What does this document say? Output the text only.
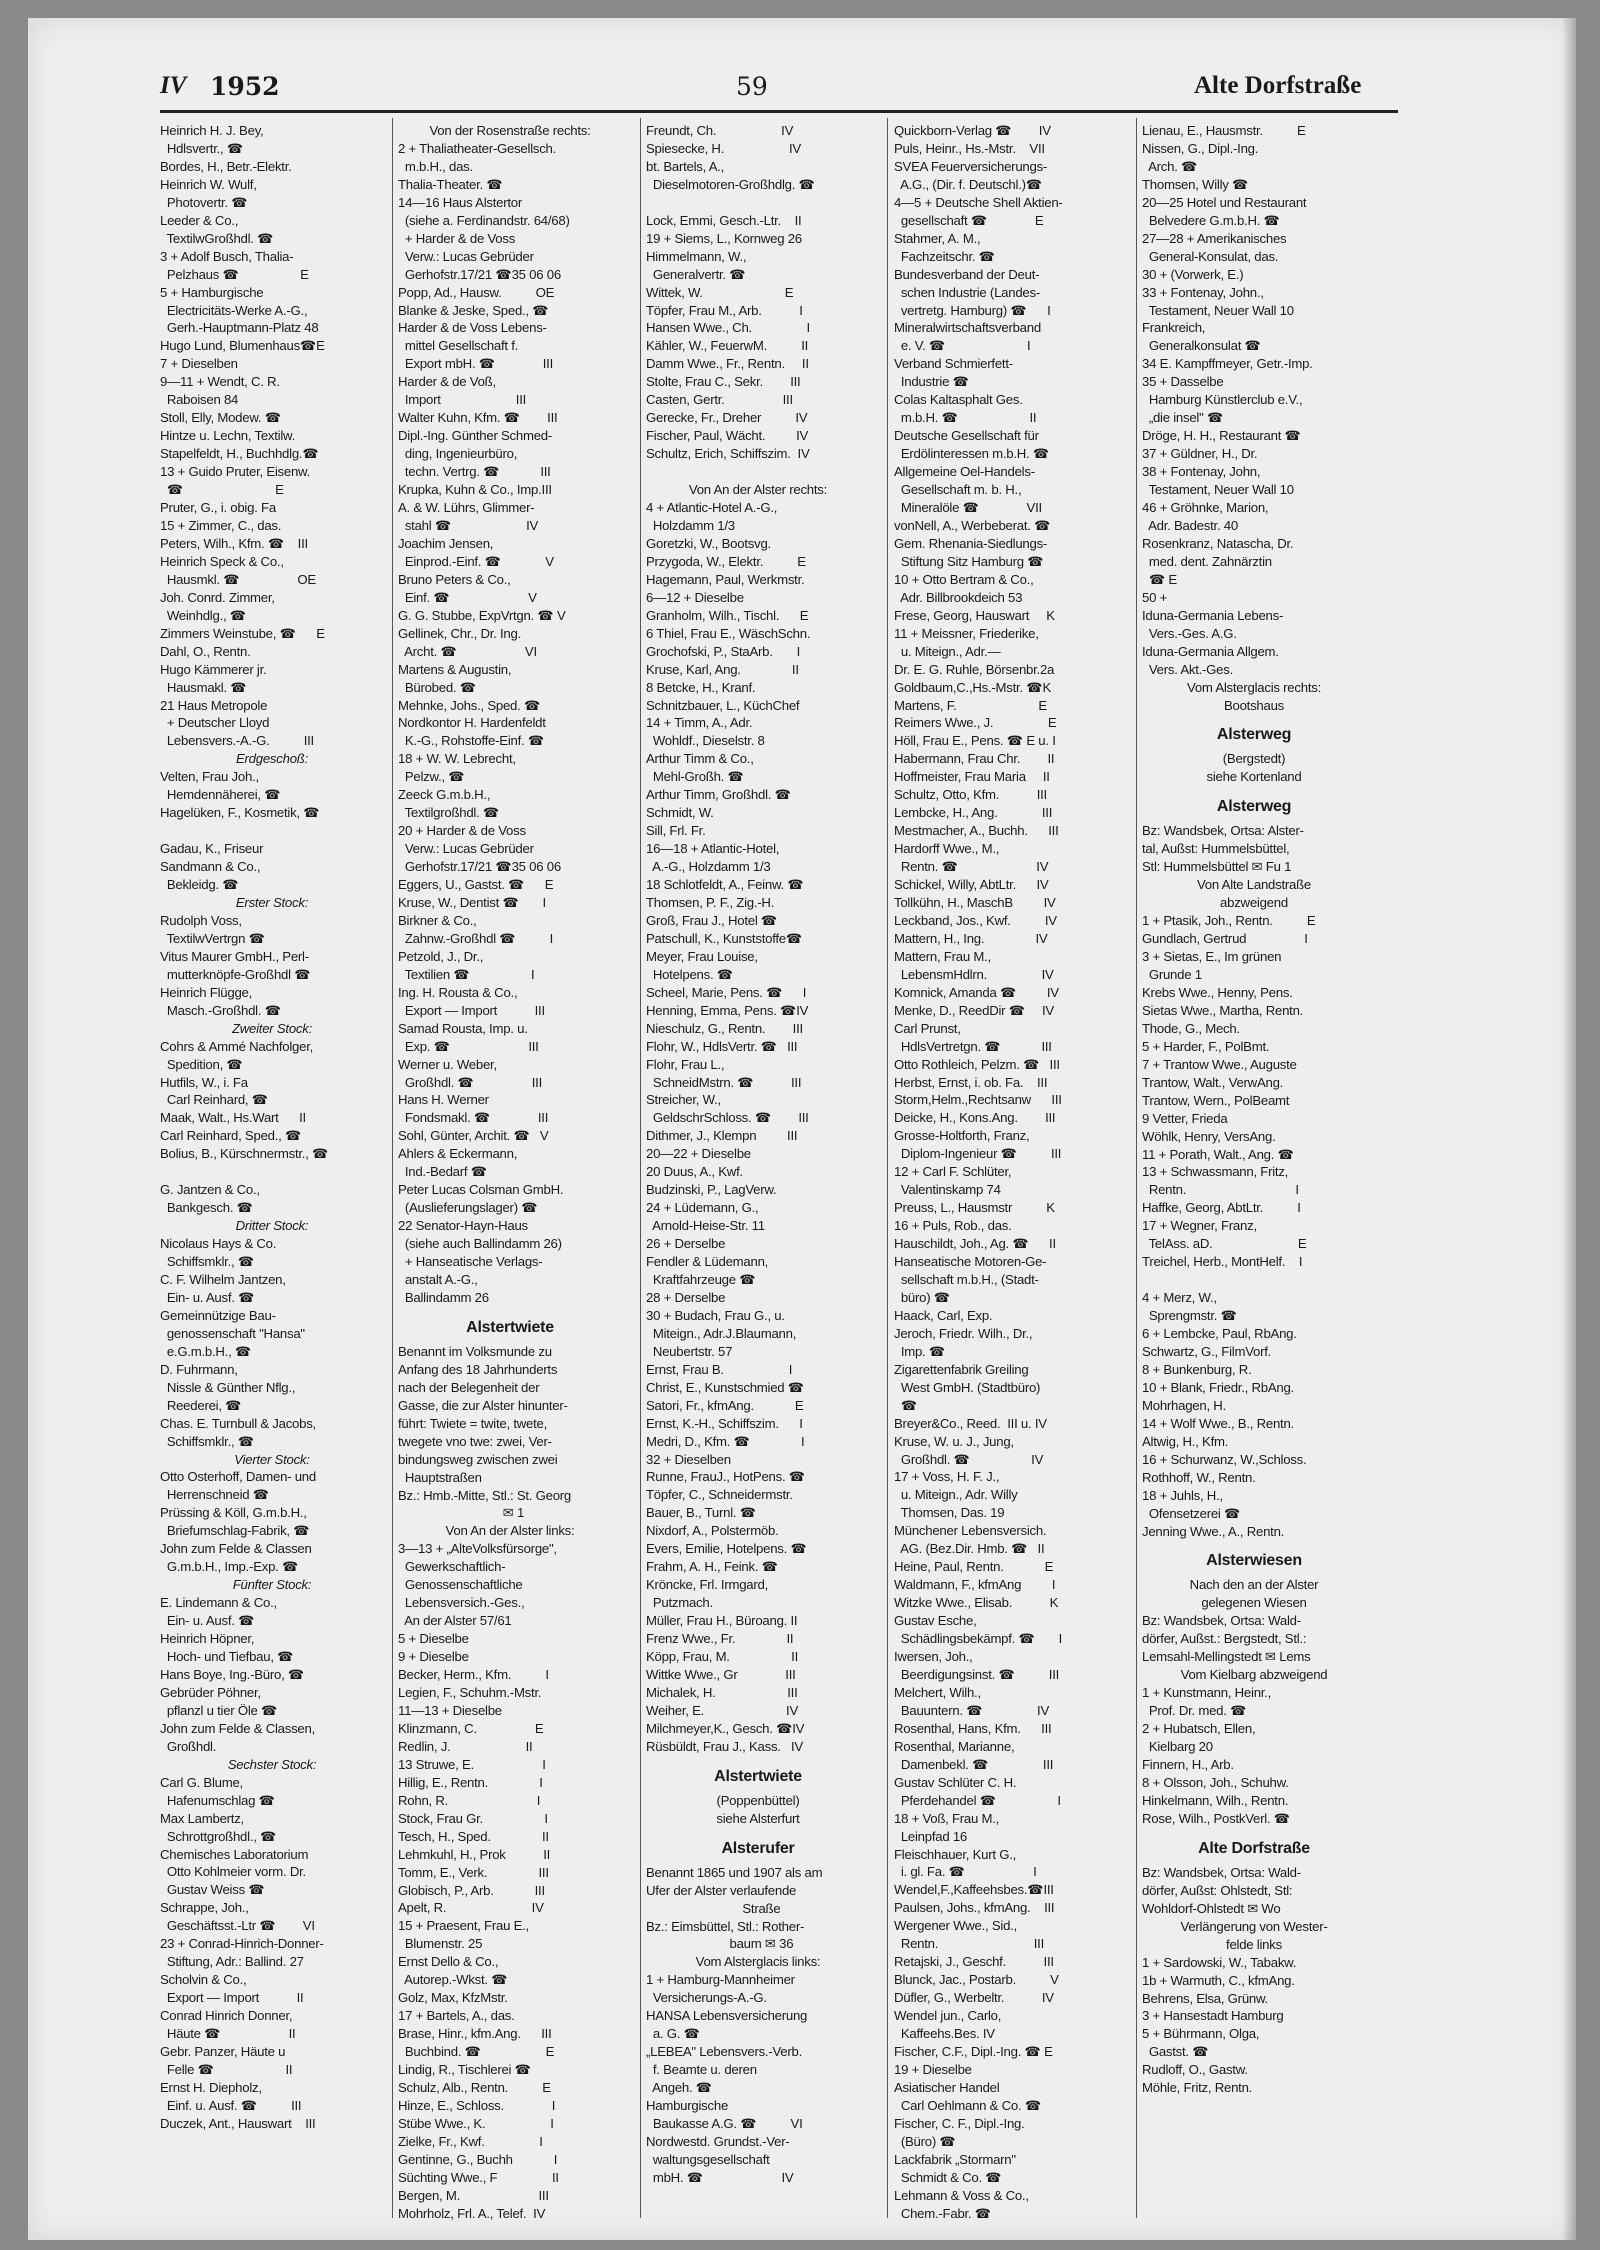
IV 1952	59	Alte Dorfstraße
Heinrich H. J. Bey,
Hdlsvertr., ☎
Bordes, H., Betr.-Elektr.
Heinrich W. Wulf,
Photovertr. ☎
Leeder & Co.,
TextilwGroßhdl. ☎
3 + Adolf Busch, Thalia-
Pelzhaus ☎                  E
5 + Hamburgische
Electricitäts-Werke A.-G.,
Gerh.-Hauptmann-Platz 48
Hugo Lund, Blumenhaus☎E
7 + Dieselben
9—11 + Wendt, C. R.
Raboisen 84
Stoll, Elly, Modew. ☎
Hintze u. Lechn, Textilw.
Stapelfeldt, H., Buchhdlg.☎
13 + Guido Pruter, Eisenw.
☎                           E
Pruter, G., i. obig. Fa
15 + Zimmer, C., das.
Peters, Wilh., Kfm. ☎    III
Heinrich Speck & Co.,
Hausmkl. ☎                 OE
Joh. Conrd. Zimmer,
Weinhdlg., ☎
Zimmers Weinstube, ☎      E
Dahl, O., Rentn.
Hugo Kämmerer jr.
Hausmakl. ☎
21 Haus Metropole
+ Deutscher Lloyd
Lebensvers.-A.-G.          III
Erdgeschoß:
Velten, Frau Joh.,
Hemdennäherei, ☎
Hagelüken, F., Kosmetik, ☎

Gadau, K., Friseur
Sandmann & Co.,
Bekleidg. ☎
Erster Stock:
Rudolph Voss,
TextilwVertrgn ☎
Vitus Maurer GmbH., Perl-
mutterknöpfe-Großhdl ☎
Heinrich Flügge,
Masch.-Großhdl. ☎
Zweiter Stock:
Cohrs & Ammé Nachfolger,
Spedition, ☎
Hutfils, W., i. Fa
Carl Reinhard, ☎
Maak, Walt., Hs.Wart      II
Carl Reinhard, Sped., ☎
Bolius, B., Kürschnermstr., ☎

G. Jantzen & Co.,
Bankgesch. ☎
Dritter Stock:
Nicolaus Hays & Co.
Schiffsmklr., ☎
C. F. Wilhelm Jantzen,
Ein- u. Ausf. ☎
Gemeinnützige Bau-
genossenschaft "Hansa"
e.G.m.b.H., ☎
D. Fuhrmann,
Nissle & Günther Nflg.,
Reederei, ☎
Chas. E. Turnbull & Jacobs,
Schiffsmklr., ☎
Vierter Stock:
Otto Osterhoff, Damen- und
Herrenschneid ☎
Prüssing & Köll, G.m.b.H.,
Briefumschlag-Fabrik, ☎
John zum Felde & Classen
G.m.b.H., Imp.-Exp. ☎
Fünfter Stock:
E. Lindemann & Co.,
Ein- u. Ausf. ☎
Heinrich Höpner,
Hoch- und Tiefbau, ☎
Hans Boye, Ing.-Büro, ☎
Gebrüder Pöhner,
pflanzl u tier Öle ☎
John zum Felde & Classen,
Großhdl.
Sechster Stock:
Carl G. Blume,
Hafenumschlag ☎
Max Lambertz,
Schrottgroßhdl., ☎
Chemisches Laboratorium
Otto Kohlmeier vorm. Dr.
Gustav Weiss ☎
Schrappe, Joh.,
Geschäftsst.-Ltr ☎        VI
23 + Conrad-Hinrich-Donner-
Stiftung, Adr.: Ballind. 27
Scholvin & Co.,
Export — Import           II
Conrad Hinrich Donner,
Häute ☎                    II
Gebr. Panzer, Häute u
Felle ☎                     II
Ernst H. Diepholz,
Einf. u. Ausf. ☎          III
Duczek, Ant., Hauswart    III
Von der Rosenstraße rechts:
2 + Thaliatheater-Gesellsch.
m.b.H., das.
Thalia-Theater. ☎
14—16 Haus Alstertor
(siehe a. Ferdinandstr. 64/68)
+ Harder & de Voss
Verw.: Lucas Gebrüder
Gerhofstr.17/21 ☎35 06 06
Popp, Ad., Hausw.          OE
Blanke & Jeske, Sped., ☎
Harder & de Voss Lebens-
mittel Gesellschaft f.
Export mbH. ☎              III
Harder & de Voß,
Import                      III
Walter Kuhn, Kfm. ☎        III
Dipl.-Ing. Günther Schmed-
ding, Ingenieurbüro,
techn. Vertrg. ☎            III
Krupka, Kuhn & Co., Imp.III
A. & W. Lührs, Glimmer-
stahl ☎                      IV
Joachim Jensen,
Einprod.-Einf. ☎             V
Bruno Peters & Co.,
Einf. ☎                       V
G. G. Stubbe, ExpVrtgn. ☎ V
Gellinek, Chr., Dr. Ing.
Archt. ☎                    VI
Martens & Augustin,
Bürobed. ☎
Mehnke, Johs., Sped. ☎
Nordkontor H. Hardenfeldt
K.-G., Rohstoffe-Einf. ☎
18 + W. W. Lebrecht,
Pelzw., ☎
Zeeck G.m.b.H.,
Textilgroßhdl. ☎
20 + Harder & de Voss
Verw.: Lucas Gebrüder
Gerhofstr.17/21 ☎35 06 06
Eggers, U., Gastst. ☎      E
Kruse, W., Dentist ☎       I
Birkner & Co.,
Zahnw.-Großhdl ☎          I
Petzold, J., Dr.,
Textilien ☎                  I
Ing. H. Rousta & Co.,
Export — Import           III
Samad Rousta, Imp. u.
Exp. ☎                       III
Werner u. Weber,
Großhdl. ☎                 III
Hans H. Werner
Fondsmakl. ☎              III
Sohl, Günter, Archit. ☎   V
Ahlers & Eckermann,
Ind.-Bedarf ☎
Peter Lucas Colsman GmbH.
(Auslieferungslager) ☎
22 Senator-Hayn-Haus
(siehe auch Ballindamm 26)
+ Hanseatische Verlags-
anstalt A.-G.,
Ballindamm 26
Alstertwiete
Benannt im Volksmunde zu
Anfang des 18 Jahrhunderts
nach der Belegenheit der
Gasse, die zur Alster hinunter-
führt: Twiete = twite, twete,
twegete vno twe: zwei, Ver-
bindungsweg zwischen zwei
Hauptstraßen
Bz.: Hmb.-Mitte, Stl.: St. Georg
✉ 1
Von An der Alster links:
3—13 + „AlteVolksfürsorge",
Gewerkschaftlich-
Genossenschaftliche
Lebensversich.-Ges.,
An der Alster 57/61
5 + Dieselbe
9 + Dieselbe
Becker, Herm., Kfm.          I
Legien, F., Schuhm.-Mstr.
11—13 + Dieselbe
Klinzmann, C.                 E
Redlin, J.                      II
13 Struwe, E.                    I
Hillig, E., Rentn.               I
Rohn, R.                          I
Stock, Frau Gr.                  I
Tesch, H., Sped.               II
Lehmkuhl, H., Prok           II
Tomm, E., Verk.               III
Globisch, P., Arb.            III
Apelt, R.                         IV
15 + Praesent, Frau E.,
Blumenstr. 25
Ernst Dello & Co.,
Autorep.-Wkst. ☎
Golz, Max, KfzMstr.
17 + Bartels, A., das.
Brase, Hinr., kfm.Ang.      III
Buchbind. ☎                   E
Lindig, R., Tischlerei ☎
Schulz, Alb., Rentn.          E
Hinze, E., Schloss.              I
Stübe Wwe., K.                   I
Zielke, Fr., Kwf.                I
Gentinne, G., Buchh            I
Süchting Wwe., F                II
Bergen, M.                       III
Mohrholz, Frl. A., Telef.  IV
Freundt, Ch.                   IV
Spiesecke, H.                   IV
bt. Bartels, A.,
Dieselmotoren-Großhdlg. ☎

Lock, Emmi, Gesch.-Ltr.    II
19 + Siems, L., Kornweg 26
Himmelmann, W.,
Generalvertr. ☎
Wittek, W.                        E
Töpfer, Frau M., Arb.           I
Hansen Wwe., Ch.                I
Kähler, W., FeuerwM.          II
Damm Wwe., Fr., Rentn.     II
Stolte, Frau C., Sekr.        III
Casten, Gertr.                 III
Gerecke, Fr., Dreher          IV
Fischer, Paul, Wächt.         IV
Schultz, Erich, Schiffszim.  IV

Von An der Alster rechts:
4 + Atlantic-Hotel A.-G.,
Holzdamm 1/3
Goretzki, W., Bootsvg.
Przygoda, W., Elektr.          E
Hagemann, Paul, Werkmstr.
6—12 + Dieselbe
Granholm, Wilh., Tischl.      E
6 Thiel, Frau E., WäschSchn.
Grochofski, P., StaArb.       I
Kruse, Karl, Ang.               II
8 Betcke, H., Kranf.
Schnitzbauer, L., KüchChef
14 + Timm, A., Adr.
Wohldf., Dieselstr. 8
Arthur Timm & Co.,
Mehl-Großh. ☎
Arthur Timm, Großhdl. ☎
Schmidt, W.
Sill, Frl. Fr.
16—18 + Atlantic-Hotel,
A.-G., Holzdamm 1/3
18 Schlotfeldt, A., Feinw. ☎
Thomsen, P. F., Zig.-H.
Groß, Frau J., Hotel ☎
Patschull, K., Kunststoffe☎
Meyer, Frau Louise,
Hotelpens. ☎
Scheel, Marie, Pens. ☎      I
Henning, Emma, Pens. ☎IV
Nieschulz, G., Rentn.        III
Flohr, W., HdlsVertr. ☎   III
Flohr, Frau L.,
SchneidMstrn. ☎           III
Streicher, W.,
GeldschrSchloss. ☎        III
Dithmer, J., Klempn         III
20—22 + Dieselbe
20 Duus, A., Kwf.
Budzinski, P., LagVerw.
24 + Lüdemann, G.,
Arnold-Heise-Str. 11
26 + Derselbe
Fendler & Lüdemann,
Kraftfahrzeuge ☎
28 + Derselbe
30 + Budach, Frau G., u.
Miteign., Adr.J.Blaumann,
Neubertstr. 57
Ernst, Frau B.                   I
Christ, E., Kunstschmied ☎
Satori, Fr., kfmAng.            E
Ernst, K.-H., Schiffszim.      I
Medri, D., Kfm. ☎               I
32 + Dieselben
Runne, FrauJ., HotPens. ☎
Töpfer, C., Schneidermstr.
Bauer, B., Turnl. ☎
Nixdorf, A., Polstermöb.
Evers, Emilie, Hotelpens. ☎
Frahm, A. H., Feink. ☎
Kröncke, Frl. Irmgard,
Putzmach.
Müller, Frau H., Büroang. II
Frenz Wwe., Fr.               II
Köpp, Frau, M.                  II
Wittke Wwe., Gr              III
Michalek, H.                     III
Weiher, E.                        IV
Milchmeyer,K., Gesch. ☎IV
Rüsbüldt, Frau J., Kass.   IV
Alstertwiete
(Poppenbüttel)
siehe Alsterfurt
Alsterufer
Benannt 1865 und 1907 als am
Ufer der Alster verlaufende
Straße
Bz.: Eimsbüttel, Stl.: Rother-
baum ✉ 36
Vom Alsterglacis links:
1 + Hamburg-Mannheimer
Versicherungs-A.-G.
HANSA Lebensversicherung
a. G. ☎
„LEBEA" Lebensvers.-Verb.
f. Beamte u. deren
Angeh. ☎
Hamburgische
Baukasse A.G. ☎          VI
Nordwestd. Grundst.-Ver-
waltungsgesellschaft
mbH. ☎                       IV
Quickborn-Verlag ☎        IV
Puls, Heinr., Hs.-Mstr.    VII
SVEA Feuerversicherungs-
A.G., (Dir. f. Deutschl.)☎
4—5 + Deutsche Shell Aktien-
gesellschaft ☎              E
Stahmer, A. M.,
Fachzeitschr. ☎
Bundesverband der Deut-
schen Industrie (Landes-
vertretg. Hamburg) ☎      I
Mineralwirtschaftsverband
e. V. ☎                        I
Verband Schmierfett-
Industrie ☎
Colas Kaltasphalt Ges.
m.b.H. ☎                     II
Deutsche Gesellschaft für
Erdölinteressen m.b.H. ☎
Allgemeine Oel-Handels-
Gesellschaft m. b. H.,
Mineralöle ☎              VII
vonNell, A., Werbeberat. ☎
Gem. Rhenania-Siedlungs-
Stiftung Sitz Hamburg ☎
10 + Otto Bertram & Co.,
Adr. Billbrookdeich 53
Frese, Georg, Hauswart     K
11 + Meissner, Friederike,
u. Miteign., Adr.—
Dr. E. G. Ruhle, Börsenbr.2a
Goldbaum,C.,Hs.-Mstr. ☎K
Martens, F.                        E
Reimers Wwe., J.                E
Höll, Frau E., Pens. ☎ E u. I
Habermann, Frau Chr.        II
Hoffmeister, Frau Maria     II
Schultz, Otto, Kfm.           III
Lembcke, H., Ang.             III
Mestmacher, A., Buchh.      III
Hardorff Wwe., M.,
Rentn. ☎                       IV
Schickel, Willy, AbtLtr.      IV
Tollkühn, H., MaschB         IV
Leckband, Jos., Kwf.          IV
Mattern, H., Ing.               IV
Mattern, Frau M.,
LebensmHdlrn.                IV
Komnick, Amanda ☎         IV
Menke, D., ReedDir ☎     IV
Carl Prunst,
HdlsVertretgn. ☎            III
Otto Rothleich, Pelzm. ☎   III
Herbst, Ernst, i. ob. Fa.    III
Storm,Helm.,Rechtsanw      III
Deicke, H., Kons.Ang.        III
Grosse-Holtforth, Franz,
Diplom-Ingenieur ☎          III
12 + Carl F. Schlüter,
Valentinskamp 74
Preuss, L., Hausmstr          K
16 + Puls, Rob., das.
Hauschildt, Joh., Ag. ☎      II
Hanseatische Motoren-Ge-
sellschaft m.b.H., (Stadt-
büro) ☎
Haack, Carl, Exp.
Jeroch, Friedr. Wilh., Dr.,
Imp. ☎
Zigarettenfabrik Greiling
West GmbH. (Stadtbüro)
☎
Breyer&Co., Reed.  III u. IV
Kruse, W. u. J., Jung,
Großhdl. ☎                  IV
17 + Voss, H. F. J.,
u. Miteign., Adr. Willy
Thomsen, Das. 19
Münchener Lebensversich.
AG. (Bez.Dir. Hmb. ☎   II
Heine, Paul, Rentn.            E
Waldmann, F., kfmAng         I
Witzke Wwe., Elisab.           K
Gustav Esche,
Schädlingsbekämpf. ☎       I
Iwersen, Joh.,
Beerdigungsinst. ☎          III
Melchert, Wilh.,
Bauuntern. ☎                IV
Rosenthal, Hans, Kfm.      III
Rosenthal, Marianne,
Damenbekl. ☎                III
Gustav Schlüter C. H.
Pferdehandel ☎                  I
18 + Voß, Frau M.,
Leinpfad 16
Fleischhauer, Kurt G.,
i. gl. Fa. ☎                    I
Wendel,F.,Kaffeehsbes.☎III
Paulsen, Johs., kfmAng.    III
Wergener Wwe., Sid.,
Rentn.                            III
Retajski, J., Geschf.           III
Blunck, Jac., Postarb.          V
Düfler, G., Werbeltr.           IV
Wendel jun., Carlo,
Kaffeehs.Bes. IV
Fischer, C.F., Dipl.-Ing. ☎ E
19 + Dieselbe
Asiatischer Handel
Carl Oehlmann & Co. ☎
Fischer, C. F., Dipl.-Ing.
(Büro) ☎
Lackfabrik „Stormarn"
Schmidt & Co. ☎
Lehmann & Voss & Co.,
Chem.-Fabr. ☎
Lienau, E., Hausmstr.          E
Nissen, G., Dipl.-Ing.
Arch. ☎
Thomsen, Willy ☎
20—25 Hotel und Restaurant
Belvedere G.m.b.H. ☎
27—28 + Amerikanisches
General-Konsulat, das.
30 + (Vorwerk, E.)
33 + Fontenay, John.,
Testament, Neuer Wall 10
Frankreich,
Generalkonsulat ☎
34 E. Kampffmeyer, Getr.-Imp.
35 + Dasselbe
Hamburg Künstlerclub e.V.,
„die insel" ☎
Dröge, H. H., Restaurant ☎
37 + Güldner, H., Dr.
38 + Fontenay, John,
Testament, Neuer Wall 10
46 + Gröhnke, Marion,
Adr. Badestr. 40
Rosenkranz, Natascha, Dr.
med. dent. Zahnärztin
☎ E
50 +
Iduna-Germania Lebens-
Vers.-Ges. A.G.
Iduna-Germania Allgem.
Vers. Akt.-Ges.
Vom Alsterglacis rechts:
Bootshaus
Alsterweg
(Bergstedt)
siehe Kortenland
Alsterweg
Bz: Wandsbek, Ortsa: Alster-
tal, Außst: Hummelsbüttel,
Stl: Hummelsbüttel ✉ Fu 1
Von Alte Landstraße
abzweigend
1 + Ptasik, Joh., Rentn.          E
Gundlach, Gertrud                 I
3 + Sietas, E., Im grünen
Grunde 1
Krebs Wwe., Henny, Pens.
Sietas Wwe., Martha, Rentn.
Thode, G., Mech.
5 + Harder, F., PolBmt.
7 + Trantow Wwe., Auguste
Trantow, Walt., VerwAng.
Trantow, Wern., PolBeamt
9 Vetter, Frieda
Wöhlk, Henry, VersAng.
11 + Porath, Walt., Ang. ☎
13 + Schwassmann, Fritz,
Rentn.                                I
Haffke, Georg, AbtLtr.          I
17 + Wegner, Franz,
TelAss. aD.                         E
Treichel, Herb., MontHelf.    I

4 + Merz, W.,
Sprengmstr. ☎
6 + Lembcke, Paul, RbAng.
Schwartz, G., FilmVorf.
8 + Bunkenburg, R.
10 + Blank, Friedr., RbAng.
Mohrhagen, H.
14 + Wolf Wwe., B., Rentn.
Altwig, H., Kfm.
16 + Schurwanz, W.,Schloss.
Rothhoff, W., Rentn.
18 + Juhls, H.,
Ofensetzerei ☎
Jenning Wwe., A., Rentn.
Alsterwiesen
Nach den an der Alster
gelegenen Wiesen
Bz: Wandsbek, Ortsa: Wald-
dörfer, Außst.: Bergstedt, Stl.:
Lemsahl-Mellingstedt ✉ Lems
Vom Kielbarg abzweigend
1 + Kunstmann, Heinr.,
Prof. Dr. med. ☎
2 + Hubatsch, Ellen,
Kielbarg 20
Finnern, H., Arb.
8 + Olsson, Joh., Schuhw.
Hinkelmann, Wilh., Rentn.
Rose, Wilh., PostkVerl. ☎
Alte Dorfstraße
Bz: Wandsbek, Ortsa: Wald-
dörfer, Außst: Ohlstedt, Stl:
Wohldorf-Ohlstedt ✉ Wo
Verlängerung von Wester-
felde links
1 + Sardowski, W., Tabakw.
1b + Warmuth, C., kfmAng.
Behrens, Elsa, Grünw.
3 + Hansestadt Hamburg
5 + Bührmann, Olga,
Gastst. ☎
Rudloff, O., Gastw.
Möhle, Fritz, Rentn.
